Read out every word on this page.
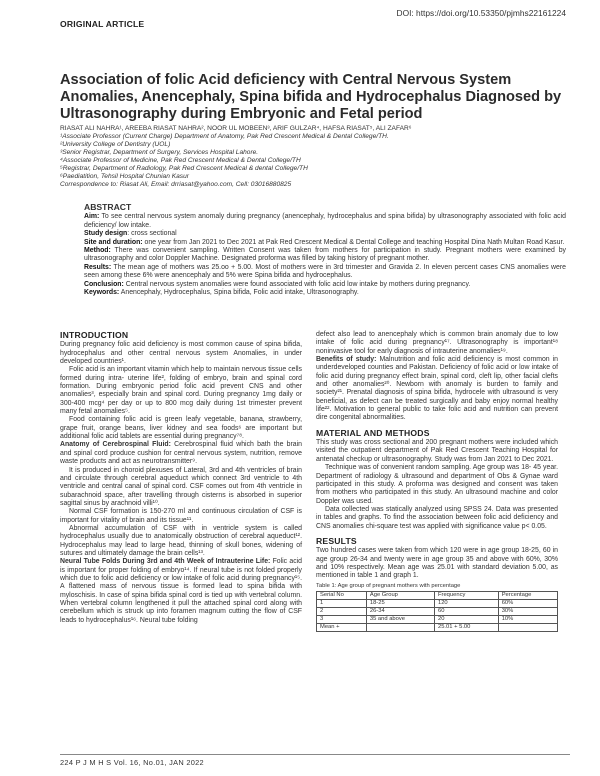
DOI: https://doi.org/10.53350/pjmhs22161224
ORIGINAL ARTICLE
Association of folic Acid deficiency with Central Nervous System Anomalies, Anencephaly, Spina bifida and Hydrocephalus Diagnosed by Ultrasonography during Embryonic and Fetal period
RIASAT ALI NAHRA¹, AREEBA RIASAT NAHRA², NOOR UL MOBEEN³, ARIF GULZAR⁴, HAFSA RIASAT⁵, ALI ZAFAR⁶
¹Associate Professor (Current Charge) Department of Anatomy, Pak Red Crescent Medical & Dental College/TH.
²University College of Dentistry (UOL)
³Senior Registrar, Department of Surgery, Services Hospital Lahore.
⁴Associate Professor of Medicine, Pak Red Crescent Medical & Dental College/TH
⁵Registrar, Department of Radiology, Pak Red Crescent Medical & dental College/TH
⁶Paediatition, Tehsil Hospital Chunian Kasur
Correspondence to: Riasat Ali, Email: drriasat@yahoo.com, Cell: 03016880825
ABSTRACT

Aim: To see central nervous system anomaly during pregnancy (anencephaly, hydrocephalus and spina bifida) by ultrasonography associated with folic acid deficiency/ low intake.

Study design: cross sectional

Site and duration: one year from Jan 2021 to Dec 2021 at Pak Red Crescent Medical & Dental College and teaching Hospital Dina Nath Multan Road Kasur.

Method: There was convenient sampling. Written Consent was taken from mothers for participation in study. Pregnant mothers were examined by ultrasonography and color Doppler Machine. Designated proforma was filled by taking history of pregnant mother.

Results: The mean age of mothers was 25.oo + 5.00. Most of mothers were in 3rd trimester and Gravida 2. In eleven percent cases CNS anomalies were seen among these 6% were anencephaly and 5% were Spina bifida and hydrocephalus.

Conclusion: Central nervous system anomalies were found associated with folic acid low intake by mothers during pregnancy.

Keywords: Anencephaly, Hydrocephalus, Spina bifida, Folic acid intake, Ultrasonography.

INTRODUCTION

During pregnancy folic acid deficiency is most common cause of spina bifida, hydrocephalus and other central nervous system Anomalies, in under developed countries¹.

Folic acid is an important vitamin which help to maintain nervous tissue cells formed during intra- uterine life², folding of embryo, brain and spinal cord formation. During embryonic period folic acid prevent CNS and other anomalies³, especially brain and spinal cord. During pregnancy 1mg daily or 300-400 mcg⁴ per day or up to 800 mcg daily during 1st trimester prevent many fetal anomalies⁵.

Food containing folic acid is green leafy vegetable, banana, strawberry, grape fruit, orange beans, liver kidney and sea foods⁶ are important but additional folic acid tablets are essential during pregnancy⁷⁸.

Anatomy of Cerebrospinal Fluid: Cerebrospinal fluid which bath the brain and spinal cord produce cushion for central nervous system, nutrition, remove waste products and act as neurotransmitter⁹.

It is produced in choroid plexuses of Lateral, 3rd and 4th ventricles of brain and circulate through cerebral aqueduct which connect 3rd ventricle to 4th ventricle and central canal of spinal cord. CSF comes out from 4th ventricle in subarachnoid space, after travelling through cisterns is absorbed in superior sagittal sinus by arachnoid villi¹⁰.

Normal CSF formation is 150-270 ml and continuous circulation of CSF is important for vitality of brain and its tissue¹¹.

Abnormal accumulation of CSF with in ventricle system is called hydrocephalus usually due to anatomically obstruction of cerebral aqueduct¹². Hydrocephalus may lead to large head, thinning of skull bones, widening of sutures and ultimately damage the brain cells¹³.

Neural Tube Folds During 3rd and 4th Week of Intrauterine Life: Folic acid is important for proper folding of embryo¹⁴. If neural tube is not folded properly which due to folic acid deficiency or low intake of folic acid during pregnancy¹⁵. A flattened mass of nervous tissue is formed lead to spina bifida with myloschisis. In case of spina bifida spinal cord is tied up with vertebral column. When vertebral column lengthened it pull the attached spinal cord along with cerebellum which is struck up into foramen magnum cutting the flow of CSF leads to hydrocephalus¹⁶. Neural tube folding

defect also lead to anencephaly which is common brain anomaly due to low intake of folic acid during pregnancy¹⁷. Ultrasonography is important¹⁸ noninvasive tool for early diagnosis of intrauterine anomalies¹⁹.

Benefits of study: Malnutrition and folic acid deficiency is most common in underdeveloped counties and Pakistan. Deficiency of folic acid or low intake of folic acid during pregnancy effect brain, spinal cord, cleft lip, other facial clefts and other anomalies²⁰. Newborn with anomaly is burden to family and society²¹. Prenatal diagnosis of spina bifida, hydrocele with ultrasound is very beneficial, as defect can be treated surgically and baby enjoy normal healthy life²². Motivation to general public to take folic acid and nutrition can prevent dire congenital abnormalities.

MATERIAL AND METHODS

This study was cross sectional and 200 pregnant mothers were included which visited the outpatient department of Pak Red Crescent Teaching Hospital for antenatal checkup or ultrasonography. Study was from Jan 2021 to Dec 2021.

Technique was of convenient random sampling. Age group was 18- 45 year. Department of radiology & ultrasound and department of Obs & Gynae ward participated in this study. A proforma was designed and consent was taken from mothers who participated in this study. An ultrasound machine and color Doppler was used.

Data collected was statically analyzed using SPSS 24. Data was presented in tables and graphs. To find the association between folic acid deficiency and CNS anomalies chi-square test was applied with significance value p< 0.05.

RESULTS

Two hundred cases were taken from which 120 were in age group 18-25, 60 in age group 26-34 and twenty were in age group 35 and above with 60%, 30% and 10% respectively. Mean age was 25.01 with standard deviation 5.00, as mentioned in table 1 and graph 1.

Table 1: Age group of pregnant mothers with percentage
Serial No	Age Group	Frequency	Percentage
1	18-25	120	60%
2	26-34	60	30%
3	35 and above	20	10%
Mean +		25.01 + 5.00	
224 P J M H S Vol. 16, No.01, JAN 2022
